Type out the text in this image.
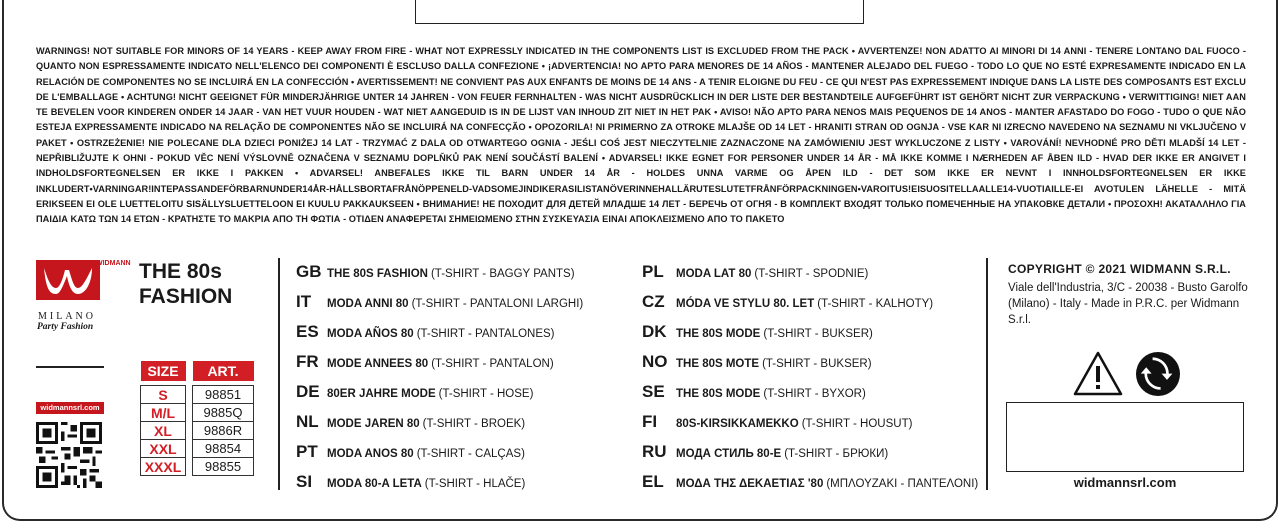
WARNINGS! NOT SUITABLE FOR MINORS OF 14 YEARS - KEEP AWAY FROM FIRE - WHAT NOT EXPRESSLY INDICATED IN THE COMPONENTS LIST IS EXCLUDED FROM THE PACK • AVVERTENZE! NON ADATTO AI MINORI DI 14 ANNI - TENERE LONTANO DAL FUOCO - QUANTO NON ESPRESSAMENTE INDICATO NELL'ELENCO DEI COMPONENTI È ESCLUSO DALLA CONFEZIONE • ¡ADVERTENCIA! NO APTO PARA MENORES DE 14 AÑOS - MANTENER ALEJADO DEL FUEGO - TODO LO QUE NO ESTÉ EXPRESAMENTE INDICADO EN LA RELACIÓN DE COMPONENTES NO SE INCLUIRÁ EN LA CONFECCIÓN • AVERTISSEMENT! NE CONVIENT PAS AUX ENFANTS DE MOINS DE 14 ANS - A TENIR ELOIGNE DU FEU - CE QUI N'EST PAS EXPRESSEMENT INDIQUE DANS LA LISTE DES COMPOSANTS EST EXCLU DE L'EMBALLAGE • ACHTUNG! NICHT GEEIGNET FÜR MINDERJÄHRIGE UNTER 14 JAHREN - VON FEUER FERNHALTEN - WAS NICHT AUSDRÜCKLICH IN DER LISTE DER BESTANDTEILE AUFGEFÜHRT IST GEHÖRT NICHT ZUR VERPACKUNG • VERWITTIGING! NIET AAN TE BEVELEN VOOR KINDEREN ONDER 14 JAAR - VAN HET VUUR HOUDEN - WAT NIET AANGEDUID IS IN DE LIJST VAN INHOUD ZIT NIET IN HET PAK • AVISO! NÃO APTO PARA NENOS MAIS PEQUENOS DE 14 ANOS - MANTER AFASTADO DO FOGO - TUDO O QUE NÃO ESTEJA EXPRESSAMENTE INDICADO NA RELAÇÃO DE COMPONENTES NÃO SE INCLUIRÁ NA CONFECÇÃO • OPOZORILA! NI PRIMERNO ZA OTROKE MLAJŠE OD 14 LET - HRANITI STRAN OD OGNJA - VSE KAR NI IZRECNO NAVEDENO NA SEZNAMU NI VKLJUČENO V PAKET • OSTRZEŻENIE! NIE POLECANE DLA DZIECI PONIŻEJ 14 LAT - TRZYMAĆ Z DALA OD OTWARTEGO OGNIA - JEŚLI COŚ JEST NIECZYTELNIE ZAZNACZONE NA ZAMÓWIENIU JEST WYKLUCZONE Z LISTY • VAROVÁNÍ! NEVHODNÉ PRO DĚTI MLADŠÍ 14 LET - NEPŘIBLIŽUJTE K OHNI - POKUD VĚC NENÍ VÝSLOVNĚ OZNAČENA V SEZNAMU DOPLŇKŮ PAK NENÍ SOUČÁSTÍ BALENÍ • ADVARSEL! IKKE EGNET FOR PERSONER UNDER 14 ÅR - MÅ IKKE KOMME I NÆRHEDEN AF ÅBEN ILD - HVAD DER IKKE ER ANGIVET I INDHOLDSFORTEGNELSEN ER IKKE I PAKKEN • ADVARSEL! ANBEFALES IKKE TIL BARN UNDER 14 ÅR - HOLDES UNNA VARME OG ÅPEN ILD - DET SOM IKKE ER NEVNT I INNHOLDSFORTEGNELSEN ER IKKE INKLUDERT•VARNINGAR!INTEPASSANDEFÖRBARNUNDER14ÅR-HÅLLSBORTAFRÅNÖPPENELD-VADSOMEJINDIKERASILISTANÖVERINNEHALLÄRUTESLUTETFRÅNFÖRPACKNINGEN•VAROITUS!EISUOSITELLAALLE14-VUOTIAILLE-EI AVOTULEN LÄHELLE - MITÄ ERIKSEEN EI OLE LUETTELOITU SISÄLLYSLUETTELOON EI KUULU PAKKAUKSEEN • ВНИМАНИЕ! НЕ ПОХОДИТ ДЛЯ ДЕТЕЙ МЛАДШЕ 14 ЛЕТ - БЕРЕЧЬ ОТ ОГНЯ - В КОМПЛЕКТ ВХОДЯТ ТОЛЬКО ПОМЕЧЕННЫЕ НА УПАКОВКЕ ДЕТАЛИ • ΠΡΟΣΟΧΗ! ΑΚΑΤΑΛΛΗΛΟ ΓΙΑ ΠΑΙΔΙΑ ΚΑΤΩ ΤΩΝ 14 ΕΤΩΝ - ΚΡΑΤΗΣΤΕ ΤΟ ΜΑΚΡΙΑ ΑΠΟ ΤΗ ΦΩΤΙΑ - ΟΤΙΔΕΝ ΑΝΑΦΕΡΕΤΑΙ ΣΗΜΕΙΩΜΕΝΟ ΣΤΗΝ ΣΥΣΚΕΥΑΣΙΑ ΕΙΝΑΙ ΑΠΟΚΛΕΙΣΜΕΝΟ ΑΠΟ ΤΟ ΠΑΚΕΤΟ
WIDMANN
MILANO
Party Fashion
THE 80s
FASHION
widmannsrl.com
SIZE		ART.

S		98851
M/L		9885Q
XL		9886R
XXL		98854
XXXL		98855
GB THE 80S FASHION (T-SHIRT - BAGGY PANTS)
IT	MODA ANNI 80 (T-SHIRT - PANTALONI LARGHI)
ES MODA AÑOS 80 (T-SHIRT - PANTALONES)
FR MODE ANNEES 80 (T-SHIRT - PANTALON)
DE 80ER JAHRE MODE (T-SHIRT - HOSE)
NL MODE JAREN 80 (T-SHIRT - BROEK)
PT MODA ANOS 80 (T-SHIRT - CALÇAS)
SI	MODA 80-A LETA (T-SHIRT - HLAČE)
PL	MODA LAT 80 (T-SHIRT - SPODNIE)
CZ MÓDA VE STYLU 80. LET (T-SHIRT - KALHOTY)
DK THE 80S MODE (T-SHIRT - BUKSER)
NO THE 80S MOTE (T-SHIRT - BUKSER)
SE THE 80S MODE (T-SHIRT - BYXOR)
FI	80S-KIRSIKKAMEKKO (T-SHIRT - HOUSUT)
RU МОДА СТИЛЬ 80-Е (T-SHIRT - БРЮКИ)
EL	ΜΟΔΑ ΤΗΣ ΔΕΚΑΕΤΙΑΣ '80 (ΜΠΛΟΥΖΑΚΙ - ΠΑΝΤΕΛΟΝΙ)
COPYRIGHT © 2021 WIDMANN S.R.L.
Viale dell'Industria, 3/C - 20038 - Busto Garolfo (Milano) - Italy - Made in P.R.C. per Widmann S.r.l.

widmannsrl.com
